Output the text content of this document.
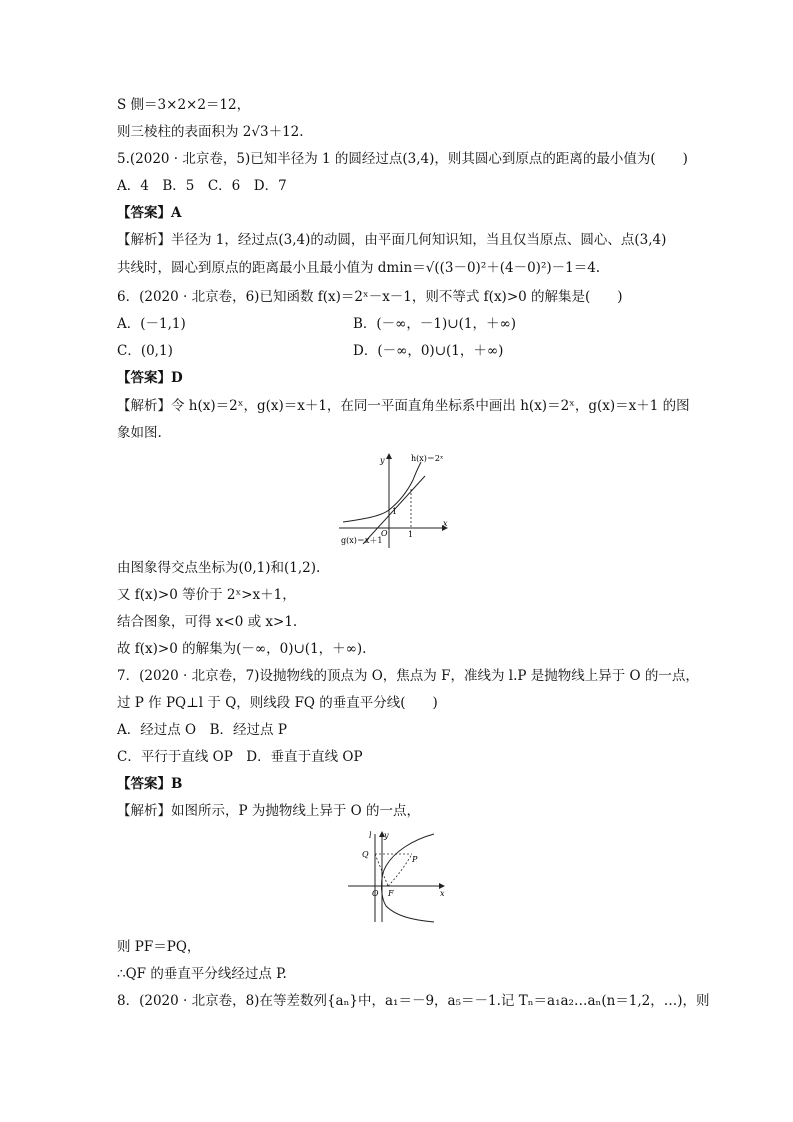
S 側＝3×2×2＝12，
则三棱柱的表面积为 2√3＋12.
5.(2020 · 北京卷，5)已知半径为 1 的圆经过点(3,4)，则其圆心到原点的距离的最小值为(　　)
A．4　B．5　C．6　D．7
【答案】A
【解析】半径为 1，经过点(3,4)的动圆，由平面几何知识知，当且仅当原点、圆心、点(3,4)
共线时，圆心到原点的距离最小且最小值为 dmin＝√((3－0)²＋(4－0)²)－1＝4.
6．(2020 · 北京卷，6)已知函数 f(x)＝2ˣ－x－1，则不等式 f(x)>0 的解集是(　　)
A．(－1,1)	B．(－∞，－1)∪(1，＋∞)
C．(0,1)	D．(－∞，0)∪(1，＋∞)
【答案】D
【解析】令 h(x)＝2ˣ，g(x)＝x＋1，在同一平面直角坐标系中画出 h(x)＝2ˣ，g(x)＝x＋1 的图
象如图.
h(x)＝2ˣ
y
x
1
O	1
g(x)＝x＋1
由图象得交点坐标为(0,1)和(1,2).
又 f(x)>0 等价于 2ˣ>x＋1，
结合图象，可得 x<0 或 x>1.
故 f(x)>0 的解集为(－∞，0)∪(1，＋∞).
7．(2020 · 北京卷，7)设抛物线的顶点为 O，焦点为 F，准线为 l.P 是抛物线上异于 O 的一点，
过 P 作 PQ⊥l 于 Q，则线段 FQ 的垂直平分线(　　)
A．经过点 O　B．经过点 P
C．平行于直线 OP　D．垂直于直线 OP
【答案】B
【解析】如图所示，P 为抛物线上异于 O 的一点，
l y
x
Q
P
O F
则 PF＝PQ，
∴QF 的垂直平分线经过点 P.
8．(2020 · 北京卷，8)在等差数列{aₙ}中，a₁＝－9，a₅＝－1.记 Tₙ＝a₁a₂…aₙ(n＝1,2，…)，则
